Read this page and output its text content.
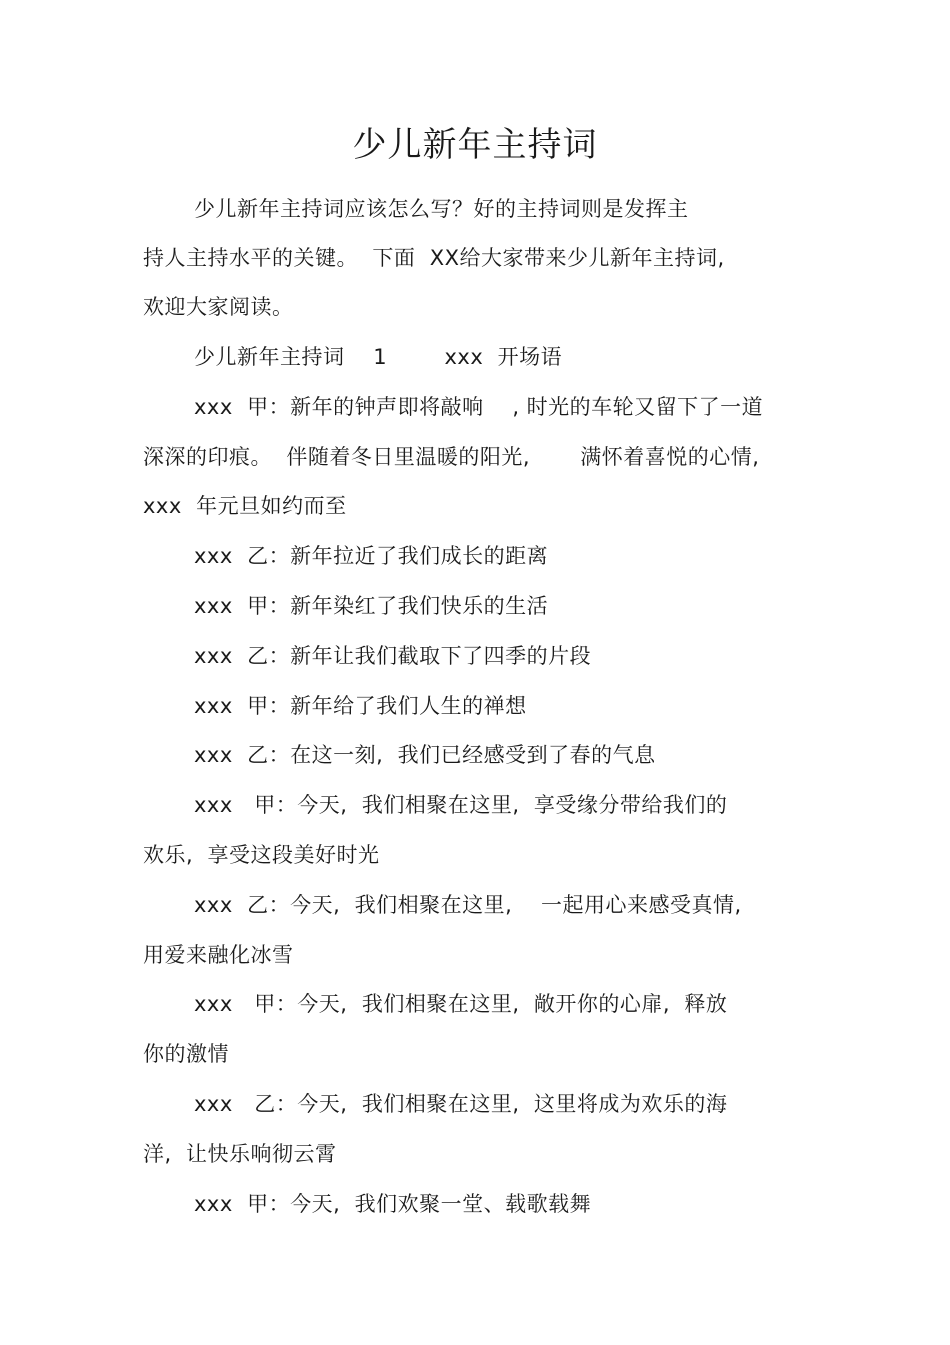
少儿新年主持词
少儿新年主持词应该怎么写？好的主持词则是发挥主
持人主持水平的关键。  下面  XX给大家带来少儿新年主持词,
欢迎大家阅读。
少儿新年主持词    1        xxx  开场语
xxx  甲：新年的钟声即将敲响    , 时光的车轮又留下了一道
深深的印痕。  伴随着冬日里温暖的阳光,       满怀着喜悦的心情,
xxx  年元旦如约而至
xxx  乙：新年拉近了我们成长的距离
xxx  甲：新年染红了我们快乐的生活
xxx  乙：新年让我们截取下了四季的片段
xxx  甲：新年给了我们人生的禅想
xxx  乙：在这一刻,  我们已经感受到了春的气息
xxx   甲：今天,  我们相聚在这里,  享受缘分带给我们的
欢乐,  享受这段美好时光
xxx  乙：今天,  我们相聚在这里,    一起用心来感受真情,
用爱来融化冰雪
xxx   甲：今天,  我们相聚在这里,  敞开你的心扉,  释放
你的激情
xxx   乙：今天,  我们相聚在这里,  这里将成为欢乐的海
洋,  让快乐响彻云霄
xxx  甲：今天,  我们欢聚一堂、载歌载舞
